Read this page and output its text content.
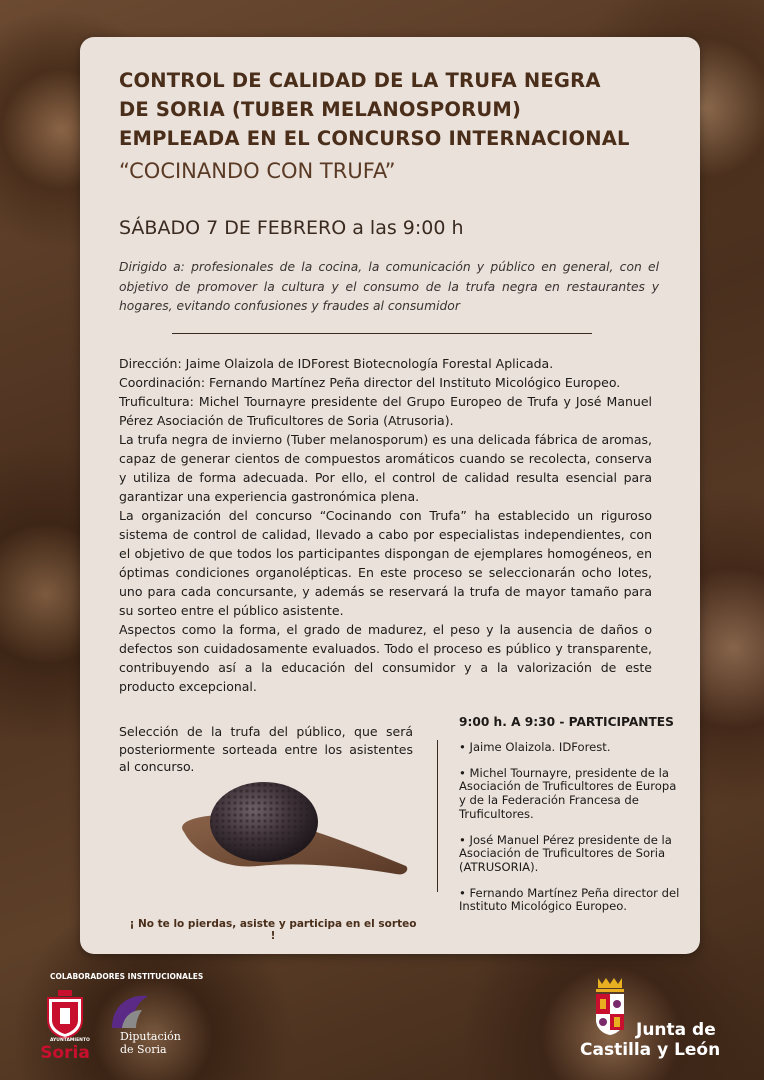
CONTROL DE CALIDAD DE LA TRUFA NEGRA
DE SORIA (TUBER MELANOSPORUM)
EMPLEADA EN EL CONCURSO INTERNACIONAL
“COCINANDO CON TRUFA”
SÁBADO 7 DE FEBRERO a las 9:00 h
Dirigido a: profesionales de la cocina, la comunicación y público en general, con el objetivo de promover la cultura y el consumo de la trufa negra en restaurantes y hogares, evitando confusiones y fraudes al consumidor

Dirección: Jaime Olaizola de IDForest Biotecnología Forestal Aplicada.

Coordinación: Fernando Martínez Peña director del Instituto Micológico Europeo.

Truficultura: Michel Tournayre presidente del Grupo Europeo de Trufa y José Manuel Pérez Asociación de Truficultores de Soria (Atrusoria).

La trufa negra de invierno (Tuber melanosporum) es una delicada fábrica de aromas, capaz de generar cientos de compuestos aromáticos cuando se recolecta, conserva y utiliza de forma adecuada. Por ello, el control de calidad resulta esencial para garantizar una experiencia gastronómica plena.

La organización del concurso “Cocinando con Trufa” ha establecido un riguroso sistema de control de calidad, llevado a cabo por especialistas independientes, con el objetivo de que todos los participantes dispongan de ejemplares homogéneos, en óptimas condiciones organolépticas. En este proceso se seleccionarán ocho lotes, uno para cada concursante, y además se reservará la trufa de mayor tamaño para su sorteo entre el público asistente.

Aspectos como la forma, el grado de madurez, el peso y la ausencia de daños o defectos son cuidadosamente evaluados. Todo el proceso es público y transparente, contribuyendo así a la educación del consumidor y a la valorización de este producto excepcional.

Selección de la trufa del público, que será posteriormente sorteada entre los asistentes al concurso.
¡ No te lo pierdas, asiste y participa en el sorteo !
9:00 h. A 9:30 - PARTICIPANTES
• Jaime Olaizola. IDForest.
• Michel Tournayre, presidente de la Asociación de Truficultores de Europa y de la Federación Francesa de Truficultores.
• José Manuel Pérez presidente de la Asociación de Truficultores de Soria (ATRUSORIA).
• Fernando Martínez Peña director del Instituto Micológico Europeo.
COLABORADORES INSTITUCIONALES
AYUNTAMIENTO
Soria
Diputación
de Soria
Junta de
Castilla y León
